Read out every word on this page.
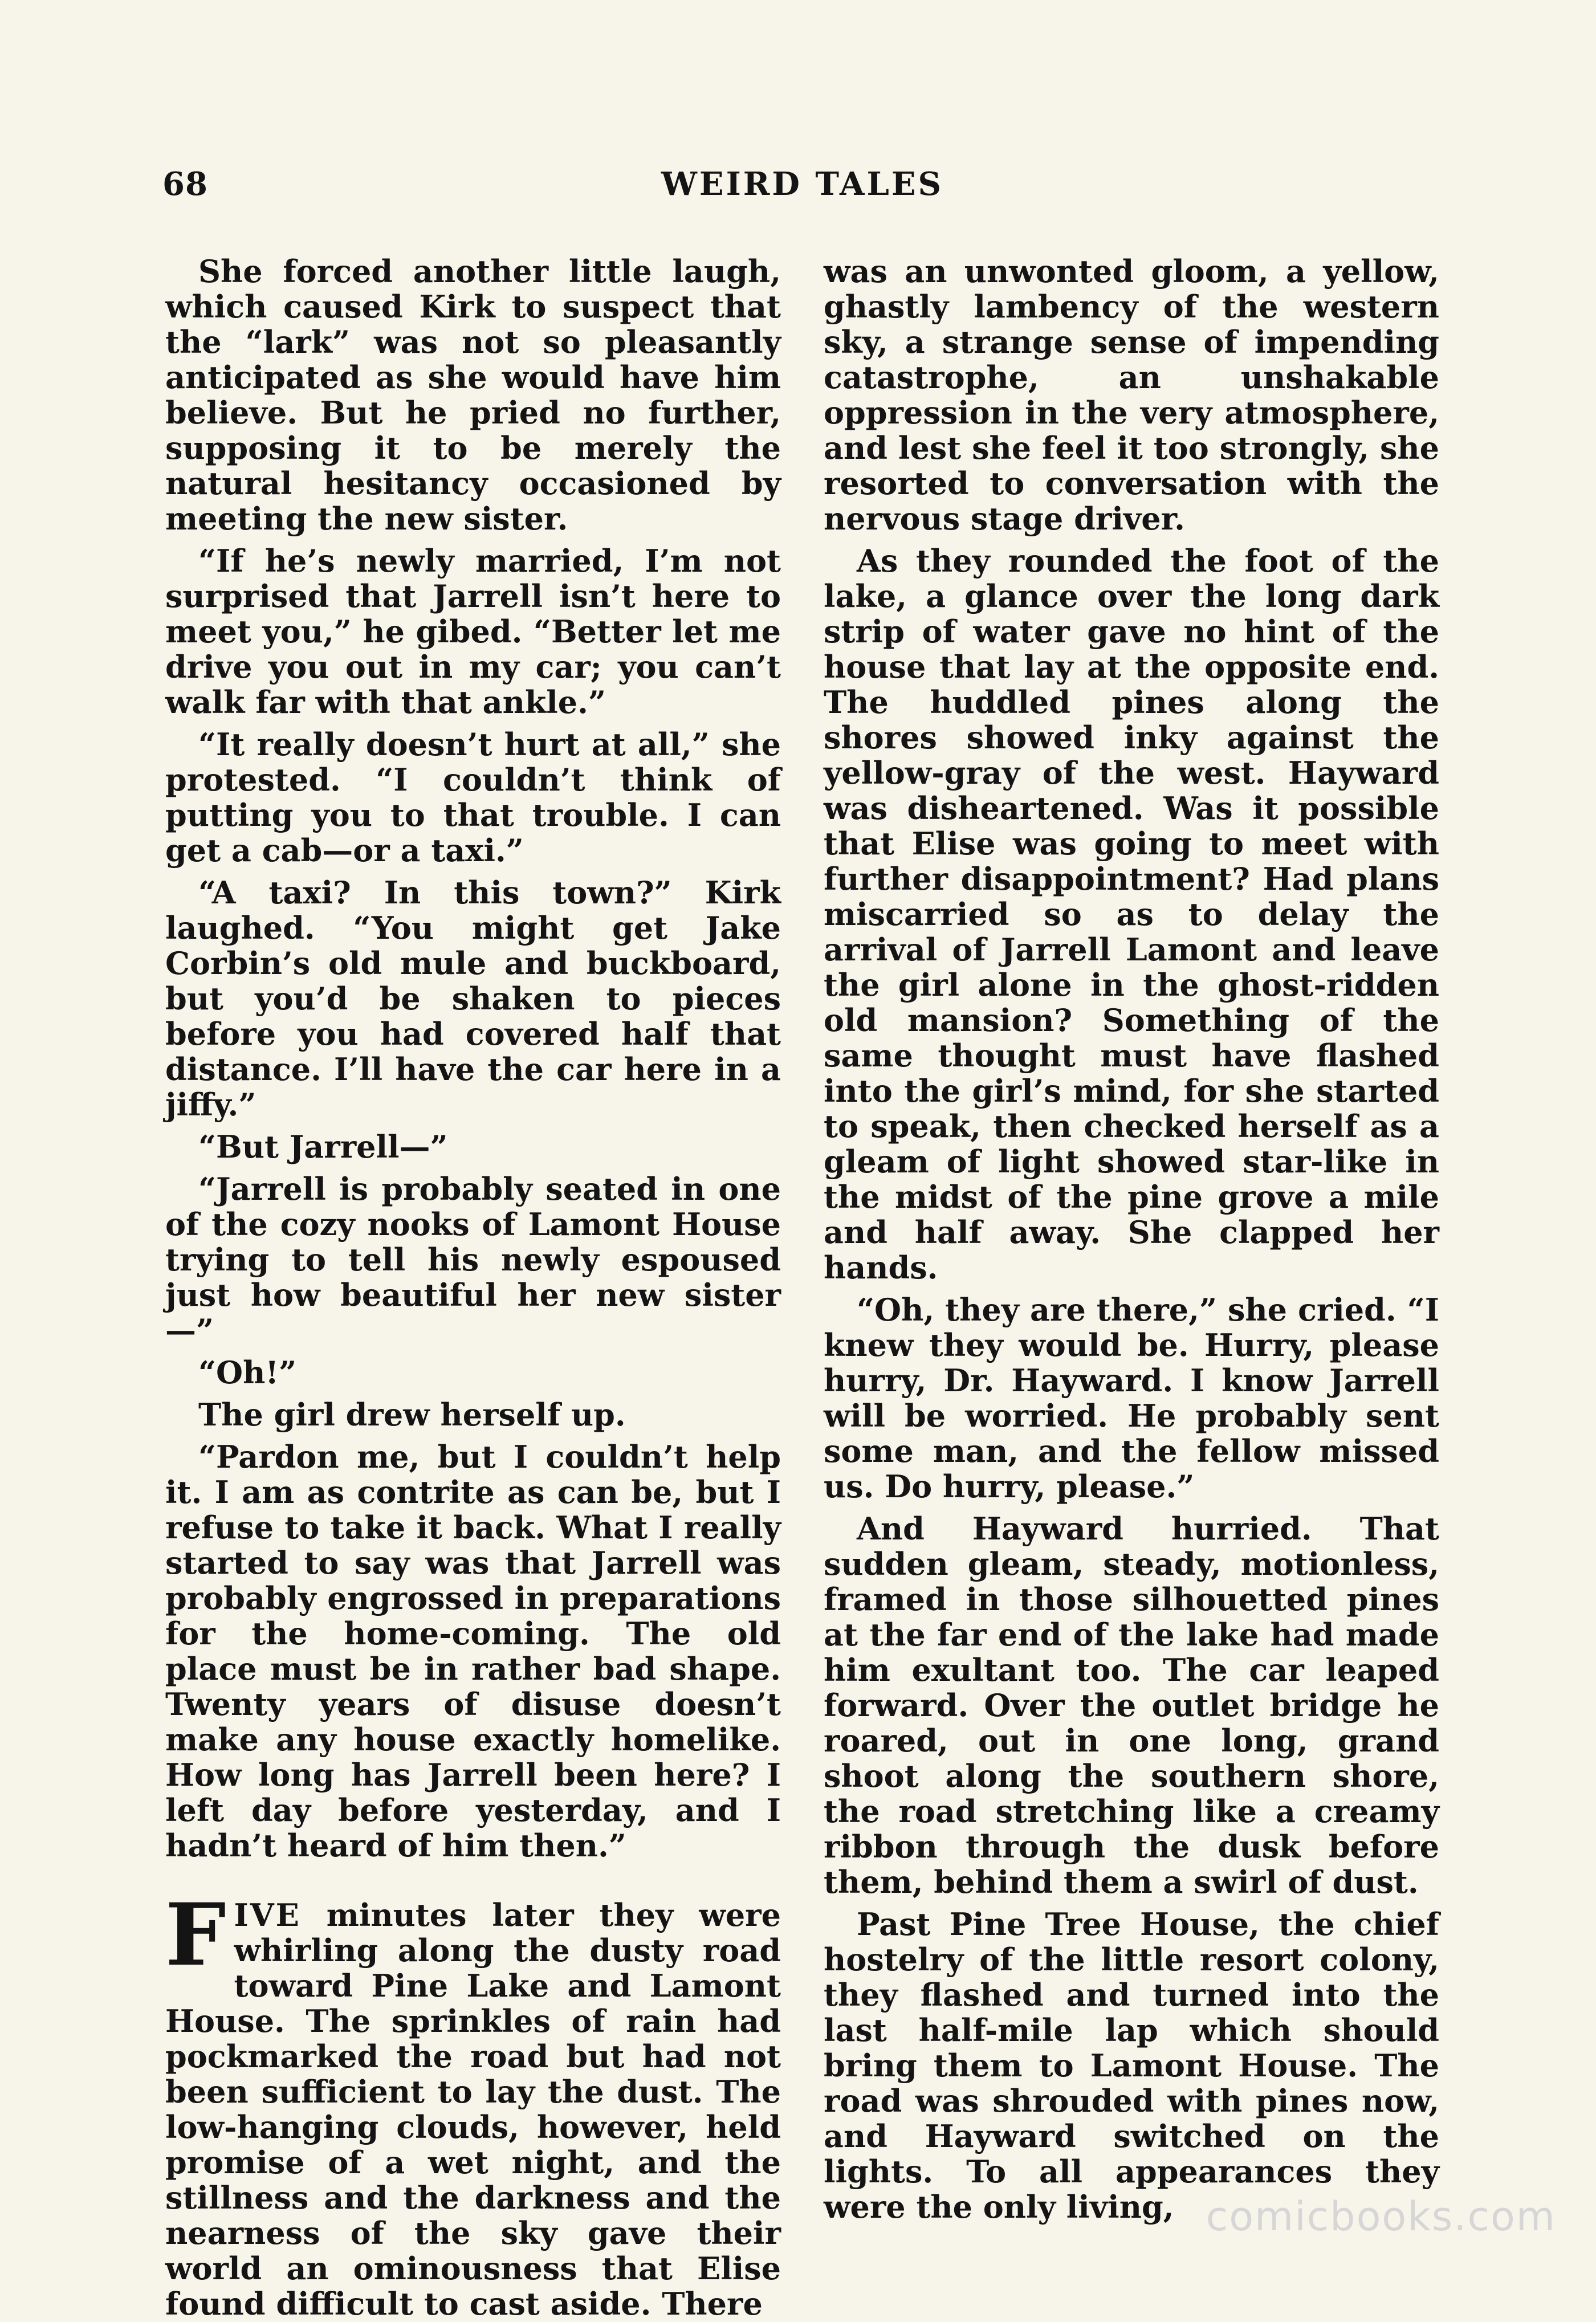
68	WEIRD TALES

She forced another little laugh, which caused Kirk to suspect that the “lark” was not so pleasantly anticipated as she would have him believe. But he pried no further, supposing it to be merely the natural hesitancy occasioned by meeting the new sister.

“If he’s newly married, I’m not surprised that Jarrell isn’t here to meet you,” he gibed. “Better let me drive you out in my car; you can’t walk far with that ankle.”

“It really doesn’t hurt at all,” she protested. “I couldn’t think of putting you to that trouble. I can get a cab—or a taxi.”

“A taxi? In this town?” Kirk laughed. “You might get Jake Corbin’s old mule and buckboard, but you’d be shaken to pieces before you had covered half that distance. I’ll have the car here in a jiffy.”

“But Jarrell—”

“Jarrell is probably seated in one of the cozy nooks of Lamont House trying to tell his newly espoused just how beautiful her new sister—”

“Oh!”

The girl drew herself up.

“Pardon me, but I couldn’t help it. I am as contrite as can be, but I refuse to take it back. What I really started to say was that Jarrell was probably engrossed in preparations for the home-coming. The old place must be in rather bad shape. Twenty years of disuse doesn’t make any house exactly homelike. How long has Jarrell been here? I left day before yesterday, and I hadn’t heard of him then.”

FIVE minutes later they were whirling along the dusty road toward Pine Lake and Lamont House. The sprinkles of rain had pockmarked the road but had not been sufficient to lay the dust. The low-hanging clouds, however, held promise of a wet night, and the stillness and the darkness and the nearness of the sky gave their world an ominousness that Elise found difficult to cast aside. There

was an unwonted gloom, a yellow, ghastly lambency of the western sky, a strange sense of impending catastrophe, an unshakable oppression in the very atmosphere, and lest she feel it too strongly, she resorted to conversation with the nervous stage driver.

As they rounded the foot of the lake, a glance over the long dark strip of water gave no hint of the house that lay at the opposite end. The huddled pines along the shores showed inky against the yellow-gray of the west. Hayward was disheartened. Was it possible that Elise was going to meet with further disappointment? Had plans miscarried so as to delay the arrival of Jarrell Lamont and leave the girl alone in the ghost-ridden old mansion? Something of the same thought must have flashed into the girl’s mind, for she started to speak, then checked herself as a gleam of light showed star-like in the midst of the pine grove a mile and half away. She clapped her hands.

“Oh, they are there,” she cried. “I knew they would be. Hurry, please hurry, Dr. Hayward. I know Jarrell will be worried. He probably sent some man, and the fellow missed us. Do hurry, please.”

And Hayward hurried. That sudden gleam, steady, motionless, framed in those silhouetted pines at the far end of the lake had made him exultant too. The car leaped forward. Over the outlet bridge he roared, out in one long, grand shoot along the southern shore, the road stretching like a creamy ribbon through the dusk before them, behind them a swirl of dust.

Past Pine Tree House, the chief hostelry of the little resort colony, they flashed and turned into the last half-mile lap which should bring them to Lamont House. The road was shrouded with pines now, and Hayward switched on the lights. To all appearances they were the only living, comicbooks.com
